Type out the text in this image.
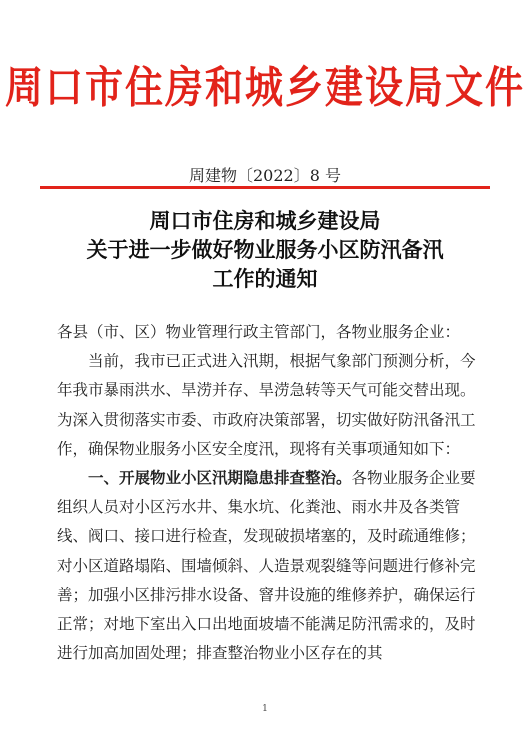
周口市住房和城乡建设局文件
周建物〔2022〕8 号
周口市住房和城乡建设局
关于进一步做好物业服务小区防汛备汛
工作的通知

各县（市、区）物业管理行政主管部门，各物业服务企业：

当前，我市已正式进入汛期，根据气象部门预测分析，今年我市暴雨洪水、旱涝并存、旱涝急转等天气可能交替出现。为深入贯彻落实市委、市政府决策部署，切实做好防汛备汛工作，确保物业服务小区安全度汛，现将有关事项通知如下：

一、开展物业小区汛期隐患排查整治。各物业服务企业要组织人员对小区污水井、集水坑、化粪池、雨水井及各类管线、阀口、接口进行检查，发现破损堵塞的，及时疏通维修；对小区道路塌陷、围墙倾斜、人造景观裂缝等问题进行修补完善；加强小区排污排水设备、窨井设施的维修养护，确保运行正常；对地下室出入口出地面坡墙不能满足防汛需求的，及时进行加高加固处理；排查整治物业小区存在的其

1
